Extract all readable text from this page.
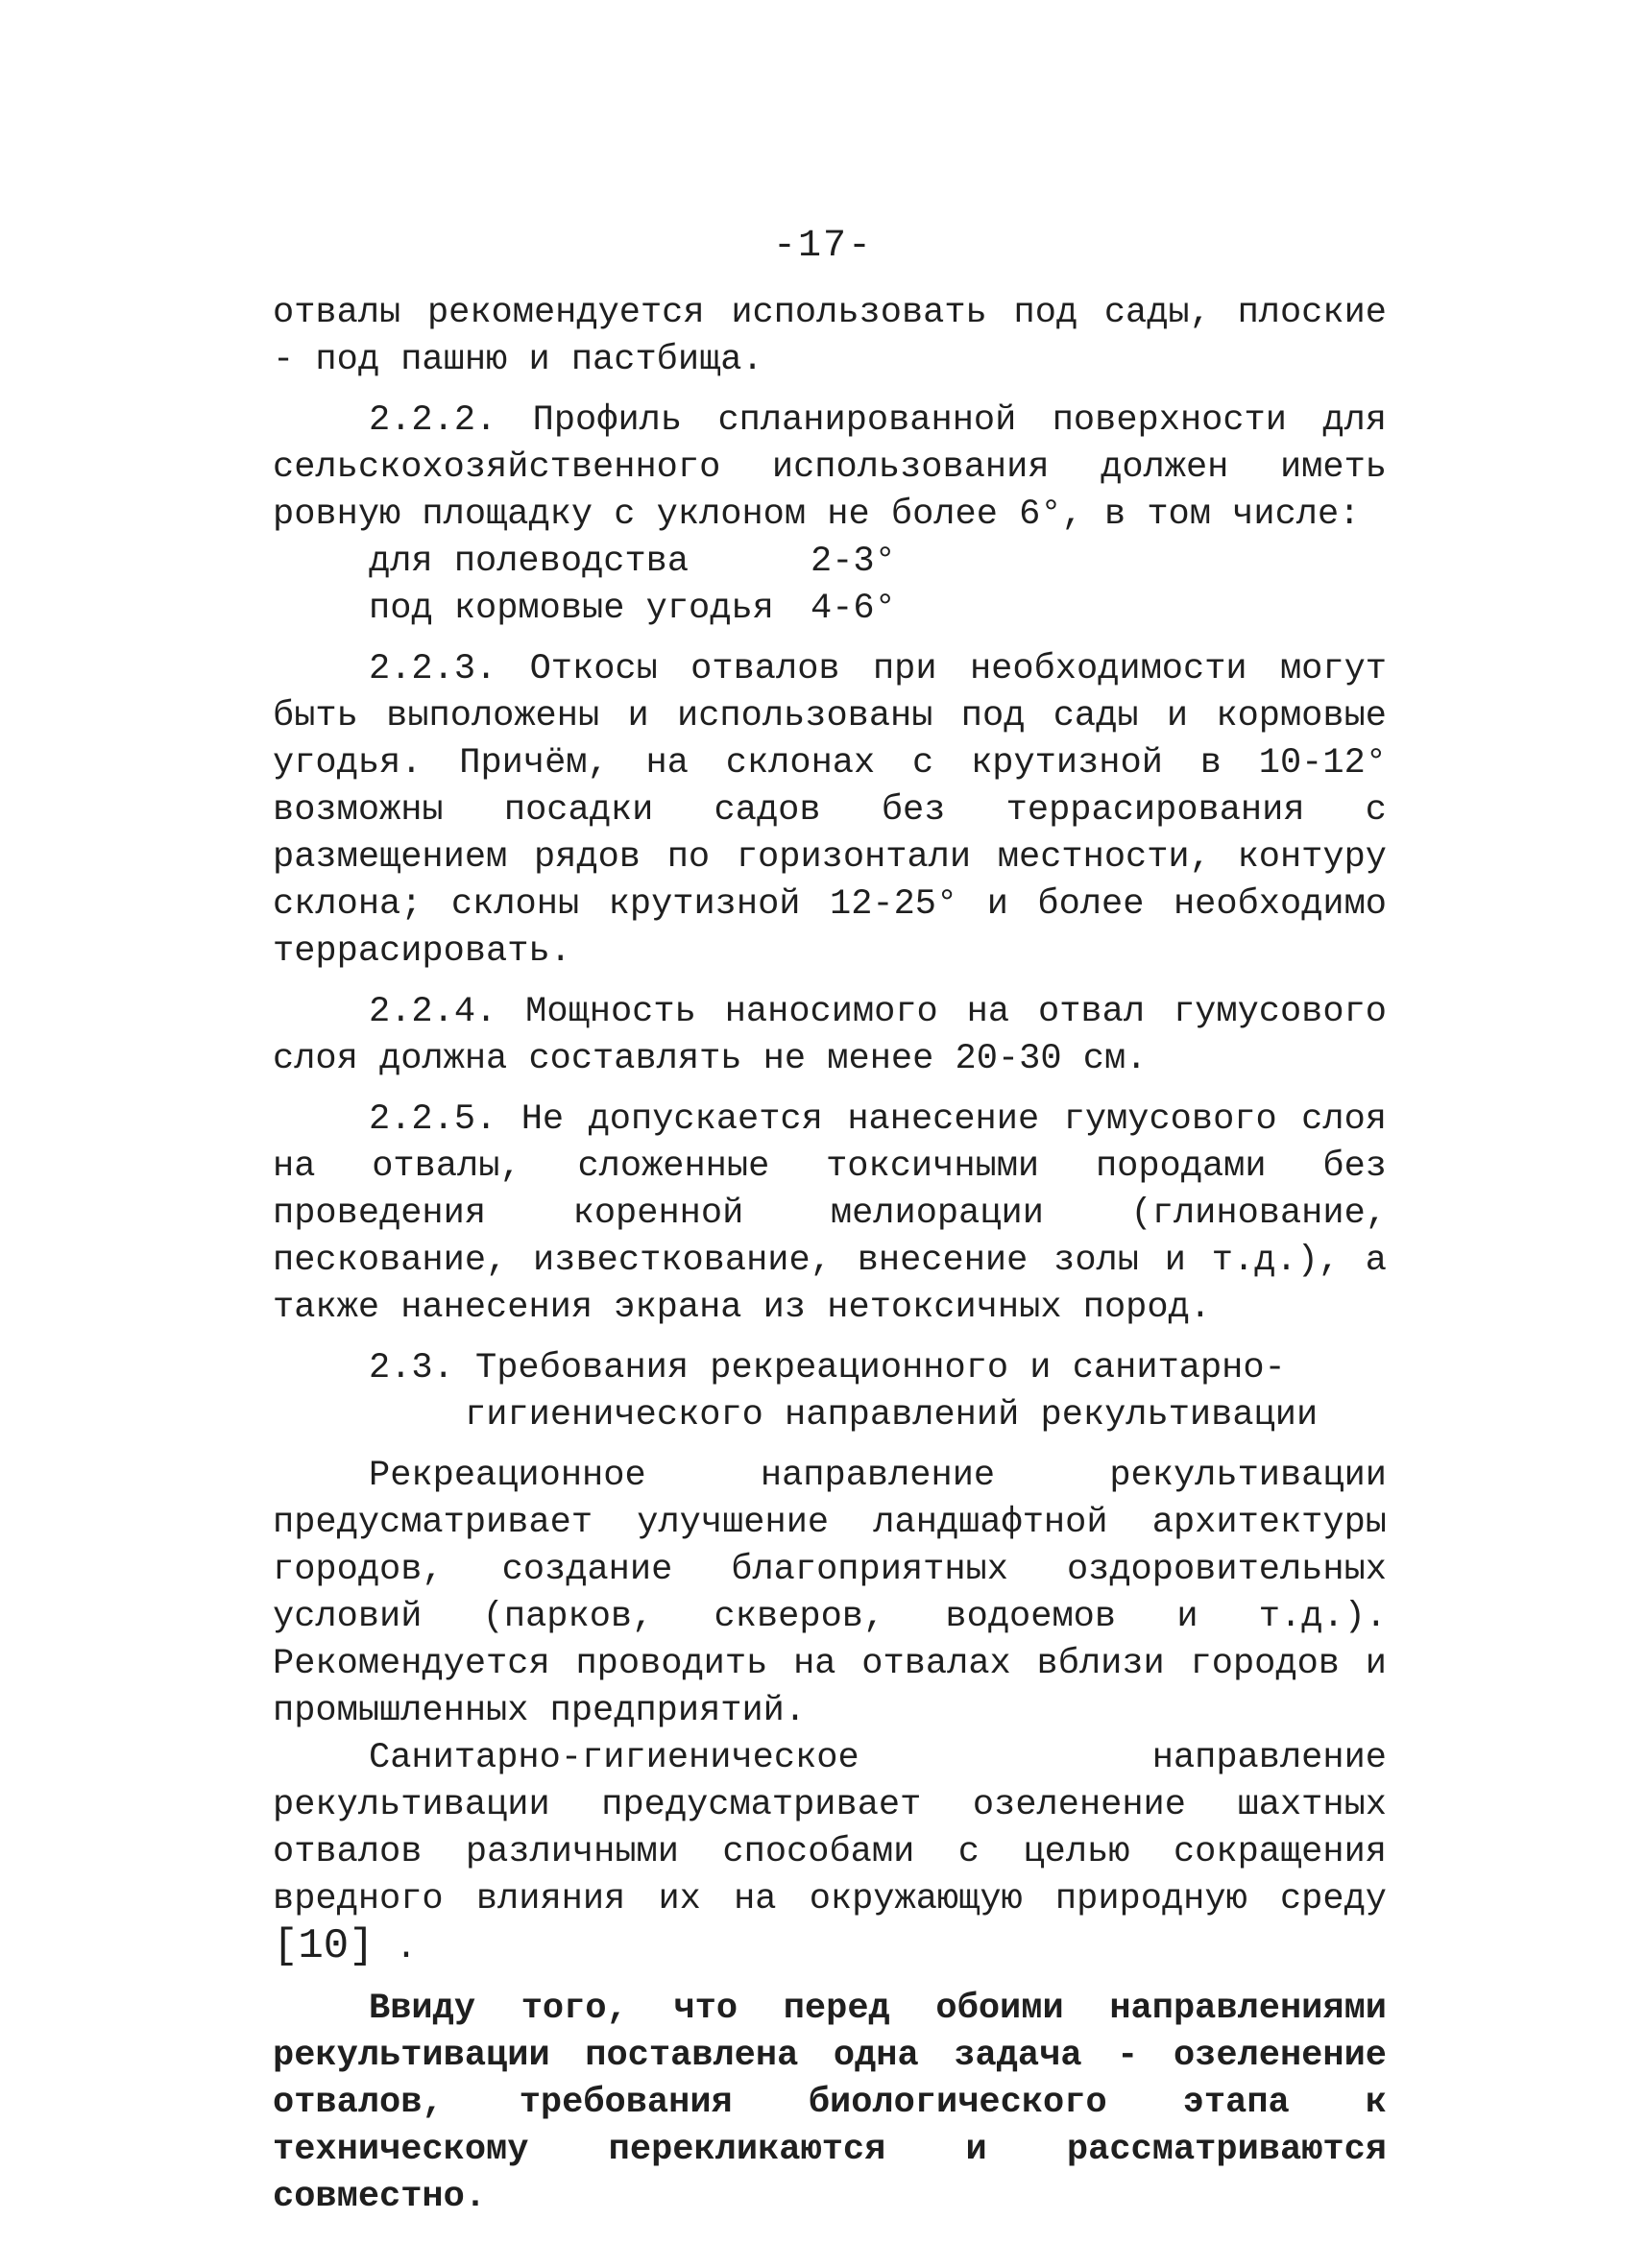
-17-

отвалы рекомендуется использовать под сады, плоские - под пашню и пастбища.

2.2.2. Профиль спланированной поверхности для сельскохозяйственного использования должен иметь ровную площадку с уклоном не более 6°, в том числе:

для полеводства	2-3°
под кормовые угодья	4-6°

2.2.3. Откосы отвалов при необходимости могут быть выположены и использованы под сады и кормовые угодья. Причём, на склонах с крутизной в 10-12° возможны посадки садов без террасирования с размещением рядов по горизонтали местности, контуру склона; склоны крутизной 12-25° и более необходимо террасировать.

2.2.4. Мощность наносимого на отвал гумусового слоя должна составлять не менее 20-30 см.

2.2.5. Не допускается нанесение гумусового слоя на отвалы, сложенные токсичными породами без проведения коренной мелиорации (глинование, пескование, известкование, внесение золы и т.д.), а также нанесения экрана из нетоксичных пород.

2.3. Требования рекреационного и санитарно-
гигиенического направлений рекультивации

Рекреационное направление рекультивации предусматривает улучшение ландшафтной архитектуры городов, создание благоприятных оздоровительных условий (парков, скверов, водоемов и т.д.). Рекомендуется проводить на отвалах вблизи городов и промышленных предприятий.

Санитарно-гигиеническое направление рекультивации предусматривает озеленение шахтных отвалов различными способами с целью сокращения вредного влияния их на окружающую природную среду [10] .

Ввиду того, что перед обоими направлениями рекультивации поставлена одна задача - озеленение отвалов, требования биологического этапа к техническому перекликаются и рассматриваются совместно.
